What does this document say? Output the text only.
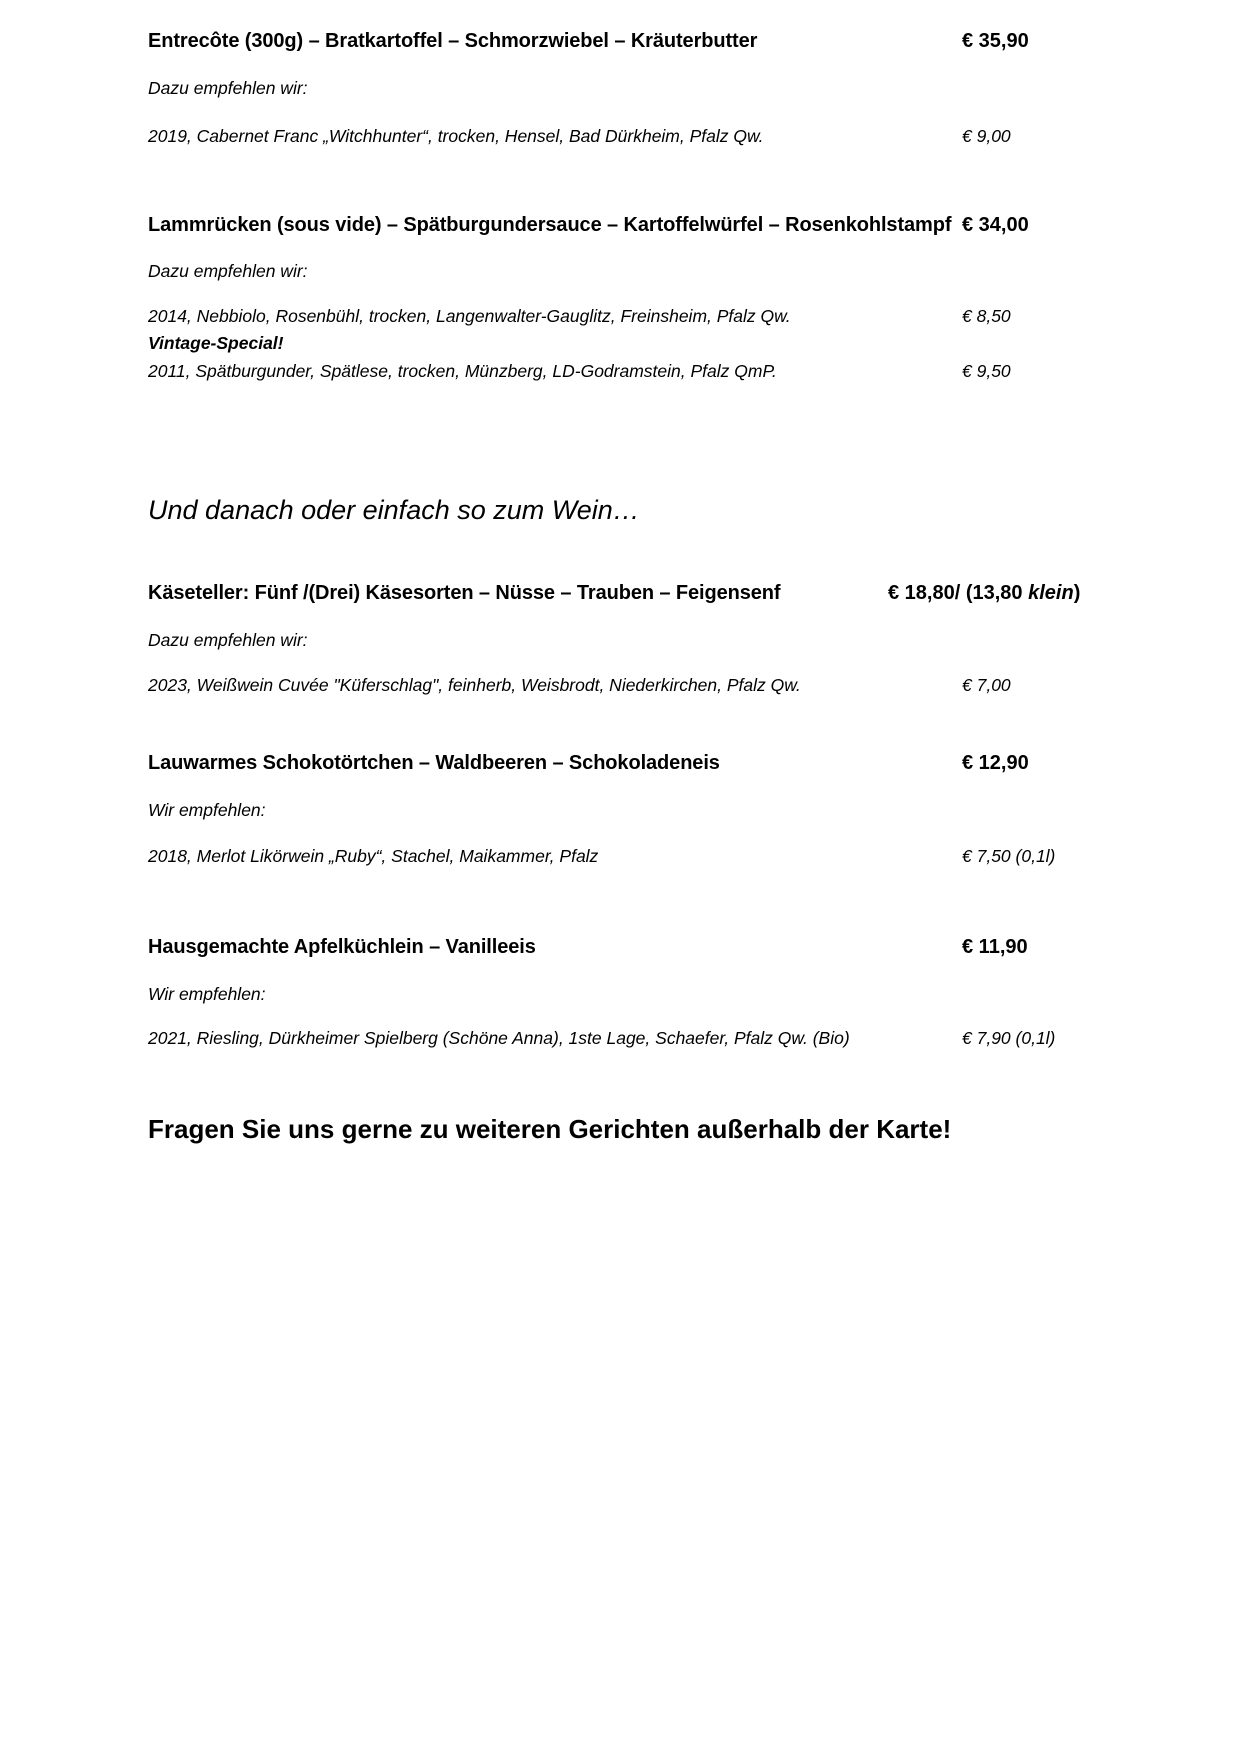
Entrecôte (300g) – Bratkartoffel – Schmorzwiebel – Kräuterbutter	€ 35,90
Dazu empfehlen wir:
2019, Cabernet Franc „Witchhunter“, trocken, Hensel, Bad Dürkheim, Pfalz Qw.	€ 9,00
Lammrücken (sous vide) – Spätburgundersauce – Kartoffelwürfel – Rosenkohlstampf € 34,00
Dazu empfehlen wir:
2014, Nebbiolo, Rosenbühl, trocken, Langenwalter-Gauglitz, Freinsheim, Pfalz Qw.	€ 8,50
Vintage-Special!
2011, Spätburgunder, Spätlese, trocken, Münzberg, LD-Godramstein, Pfalz QmP.	€ 9,50
Und danach oder einfach so zum Wein…
Käseteller: Fünf /(Drei) Käsesorten – Nüsse – Trauben – Feigensenf	€ 18,80/ (13,80 klein)
Dazu empfehlen wir:
2023, Weißwein Cuvée "Küferschlag", feinherb, Weisbrodt, Niederkirchen, Pfalz Qw.	€ 7,00
Lauwarmes Schokotörtchen – Waldbeeren – Schokoladeneis	€ 12,90
Wir empfehlen:
2018, Merlot Likörwein „Ruby“, Stachel, Maikammer, Pfalz	€ 7,50 (0,1l)
Hausgemachte Apfelküchlein – Vanilleeis	€ 11,90
Wir empfehlen:
2021, Riesling, Dürkheimer Spielberg (Schöne Anna), 1ste Lage, Schaefer, Pfalz Qw. (Bio)	€ 7,90 (0,1l)
Fragen Sie uns gerne zu weiteren Gerichten außerhalb der Karte!
